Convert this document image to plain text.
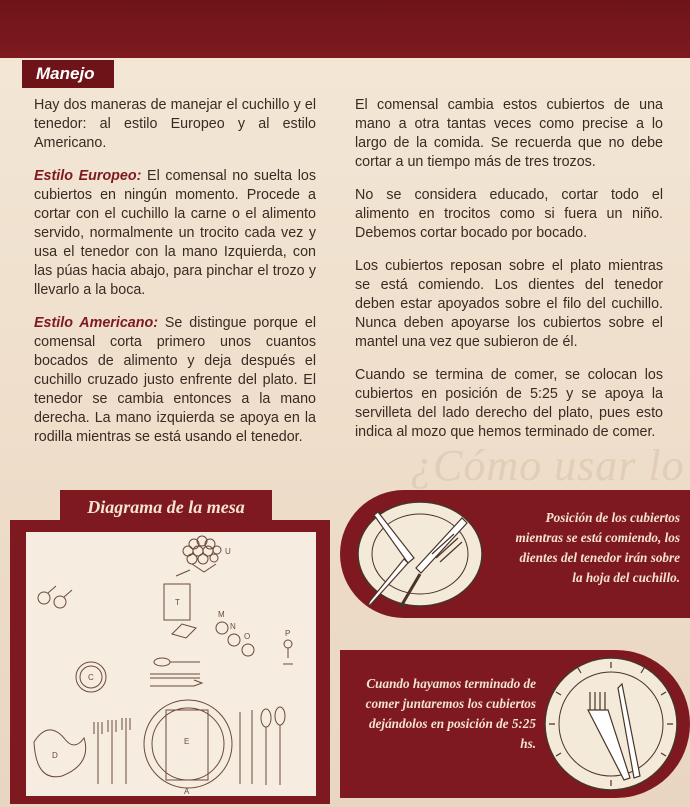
¿Cómo usar lo
Manejo

Hay dos maneras de manejar el cuchillo y el tenedor: al estilo Europeo y al estilo Americano.

Estilo Europeo: El comensal no suelta los cubiertos en ningún momento. Procede a cortar con el cuchillo la carne o el alimento servido, normalmente un trocito cada vez y usa el tenedor con la mano Izquierda, con las púas hacia abajo, para pinchar el trozo y llevarlo a la boca.

Estilo Americano: Se distingue porque el comensal corta primero unos cuantos bocados de alimento y deja después el cuchillo cruzado justo enfrente del plato. El tenedor se cambia entonces a la mano derecha. La mano izquierda se apoya en la rodilla mientras se está usando el tenedor.

El comensal cambia estos cubiertos de una mano a otra tantas veces como precise a lo largo de la comida. Se recuerda que no debe cortar a un tiempo más de tres trozos.

No se considera educado, cortar todo el alimento en trocitos como si fuera un niño. Debemos cortar bocado por bocado.

Los cubiertos reposan sobre el plato mientras se está comiendo. Los dientes del tenedor deben estar apoyados sobre el filo del cuchillo. Nunca deben apoyarse los cubiertos sobre el mantel una vez que subieron de él.

Cuando se termina de comer, se colocan los cubiertos en posición de 5:25 y se apoya la servilleta del lado derecho del plato, pues esto indica al mozo que hemos terminado de comer.

U
T
M
N
O	P
C
D
E
A
Diagrama de la mesa
Posición de los cubiertos mientras se está comiendo, los dientes del tenedor irán sobre la hoja del cuchillo.
Cuando hayamos terminado de comer juntaremos los cubiertos dejándolos en posición de 5:25 hs.
